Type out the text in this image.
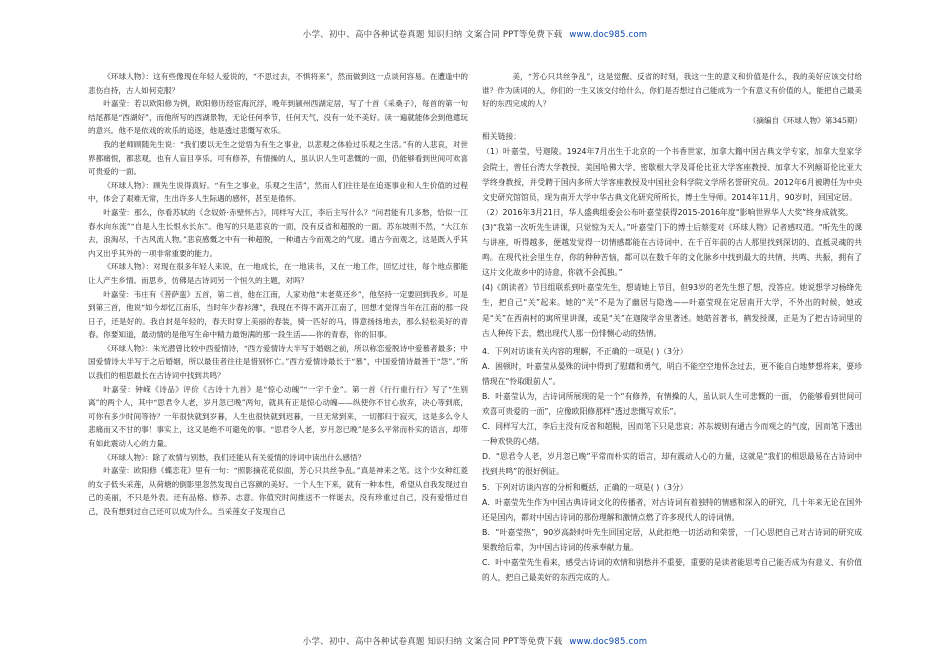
小学、初中、高中各种试卷真题 知识归纳 文案合同 PPT等免费下载 www.doc985.com

《环球人物》：这有些像现在年轻人爱说的，“不思过去，不惧将来”，然而做到这一点谈何容易。在遭逢中的悲伤自持，古人如何克服？

叶嘉莹：若以欧阳修为例，欧阳修历经宦海沉浮，晚年到颍州西湖定居，写了十首《采桑子》，每首的第一句结尾都是“西湖好”，而他所写的西湖景物，无论任何季节，任何天气，没有一处不美好。读一遍就能体会到他遣玩的意兴。他不是依戏的欢乐的追逐，他是透过悲慨写欢乐。

我的老师顾随先生说：“我们要以无生之觉悟为有生之事业，以悲观之体验过乐观之生活。”有的人悲哀，对世界都痛恨，都悲观，也有人盲目享乐。可有修养，有情操的人，虽认识人生可悲慨的一面，仍能够看到世间可欢喜可贵爱的一面。

《环球人物》：顾先生说得真好。“有生之事业，乐观之生活”，然而人们往往是在追逐事业和人生价值的过程中，体会了艰难无常，生出许多人生际遇的感怀，甚至是倦怀。

叶嘉莹：那么，你看苏轼的《念奴娇·赤壁怀古》，同样写大江，李后主写什么？“问君能有几多愁，恰似一江春水向东流”“自是人生长恨水长东”。他写的只是悲哀的一面，没有反省和超脱的一面。苏东坡则不然，“大江东去，浪淘尽，千古风流人物。”悲哀感慨之中有一种超脱，一种通古今而观之的气度。通古今而观之，这是既入乎其内又出乎其外的一项非常重要的能力。

《环球人物》：对现在很多年轻人来说，在一地成长，在一地读书，又在一地工作，回忆过往，每个地点都能让人产生乡情。而思乡，仿佛是古诗词另一个恒久的主题，对吗？

叶嘉莹：韦庄有《菩萨蛮》五首，第二首，他在江南，人家劝他“未老莫还乡”，他坚持一定要回到我乡。可是到第三首，他说“如今却忆江南乐，当时年少春衫薄”，我现在不得不离开江南了，回想才觉得当年在江南的那一段日子，还是好的。我自封是年轻的，春天时穿上美丽的春装，骑一匹好的马，得意扬扬地去，那么轻松美好的青春。你要知道，最动情的是他写生命中精力最饱满的那一段生活——你的青春，你的旧事。

《环球人物》：朱光潜曾比较中西爱情诗，“西方爱情诗大半写于婚姻之前，所以称恋爱脱诗中爱慕者最多；中国爱情诗大半写于之后婚姻，所以最佳者往往是惜别怀亡。”西方爱情诗最长于“慕”，中国爱情诗最善于“怨”。”所以我们的相思最长在古诗词中找到共鸣？

叶嘉莹：钟嵘《诗品》评价《古诗十九首》是“惊心动魄”“一字千金”。第一首《行行重行行》写了“生别离”的两个人，其中“思君令人老，岁月忽已晚”两句，就具有正是惊心动魄——纵使你不甘心放弃，决心等到底，可你有多少时间等待？一年很快就到岁暮，人生也很快就到迟暮，一旦无常到来，一切都归于寂灭，这是多么令人悲痛而又不甘的事！事实上，这又是绝不可避免的事。“思君令人老，岁月忽已晚”是多么平常而朴实的语言，却带有如此震动人心的力量。

《环球人物》：除了欢情与别愁，我们还能从有关爱情的诗词中读出什么感悟？

叶嘉莹：欧阳修《蝶恋花》里有一句：“照影摘花花似面，芳心只共丝争乱。”真是神来之笔。这个少女种红菱的女子低头采莲，从荷塘的倒影里忽然发现自己容颜的美好。一个人生下来，就有一种本性，希望从自我发现过自己的美丽，不只是外表。还有品格、修养、志意。你值究时间推送不一样诞去，没有珍重过自己，没有爱惜过自己，没有想到过自己还可以成为什么。当采莲女子发现自己

美，“芳心只共丝争乱”，这是觉醒、反省的时刻，我这一生的意义和价值是什么，我的美好应该交付给谁？作为读词的人，你们的一生又该交付给什么，你们是否想过自己能成为一个有意义有价值的人，能把自己最美好的东西完成的人？

（摘编自《环球人物》第345期）

相关链接：

（1）叶嘉莹，号迦陵。1924年7月出生于北京的一个书香世家，加拿大籍中国古典文学专家，加拿大皇家学会院士，曾任台湾大学教授、美国哈佛大学、密歇根大学及哥伦比亚大学客座教授、加拿大不列颠哥伦比亚大学终身教授，并受聘于国内多所大学客座教授及中国社会科学院文学所名誉研究员。2012年6月被聘任为中央文史研究馆馆员，现为南开大学中华古典文化研究所所长，博士生导师。2014年11月，90岁时，回国定居。

（2）2016年3月21日，华人盛典组委会公布叶嘉莹获得2015-2016年度“影响世界华人大奖”终身成就奖。

(3)“我第一次听先生讲课，只觉惊为天人。”叶嘉莹门下的博士后蔡雯对《环球人物》记者感叹道。“听先生的课与讲座，听得越多，便越发觉得一切情感都能在古诗词中、在千百年前的古人那里找到深切的、直抵灵魂的共鸣。在现代社会里生存，你的种种苦恼，都可以在数千年的文化脉乡中找到最大的共情、共鸣、共振，拥有了这片文化故乡中的诗意，你就不会孤独。”

(4)《朗读者》节目组联系到叶嘉莹先生，想请她上节目，但93岁的老先生想了想，没答应。她说想学习杨绛先生，把自己“关”起来。她的“关”不是为了幽居与隐逸——叶嘉莹现在定居南开大学，不外出的时候，她或是“关”在西南村的寓所里讲课，或是“关”在迦陵学舍里著述。她皓首著书，鹤发授课，正是为了把古诗词里的古人种传下去，燃出现代人那一份悱恻心动的热情。

4．下列对访谈有关内容的理解，不正确的一项是( )（3分）

A．困顿时，叶嘉莹从晏殊的词中得到了慰藉和勇气，明白不能空空地怀念过去，更不能自白地梦想将来，要珍惜现在“怜取眼前人”。

B．叶嘉莹认为，古诗词所展现的是一个“有修养，有情操的人，虽认识人生可悲慨的一面， 仍能够看到世间可欢喜可贵爱的一面”，应像欧阳修那样“透过悲慨写欢乐”。

C．同样写大江，李后主没有反省和超脱，因而笔下只是悲哀；苏东坡则有通古今而观之的气度，因而笔下透出一种欢快的心绪。

D．“思君令人老，岁月忽已晚”平常而朴实的语言，却有震动人心的力量，这就是“我们的相思最易在古诗词中找到共鸣”的很好例证。

5．下列对访谈内容的分析和概括，正确的一项是( )（3分）

A．叶嘉莹先生作为中国古典诗词文化的传播者，对古诗词有着独特的情感和深入的研究，几十年来无论在国外还是国内，都对中国古诗词的那份理解和激情点燃了许多现代人的诗词情。

B．“叶嘉莹热”，90岁高龄时叶先生回国定居，从此拒绝一切活动和荣誉，一门心思把自己对古诗词的研究成果教给后辈，为中国古诗词的传承奉献力量。

C．叶中嘉莹先生看来，感受古诗词的欢情和别愁并不重要，重要的是读者能思考自己能否成为有意义、有价值的人，把自己最美好的东西完成的人。

小学、初中、高中各种试卷真题 知识归纳 文案合同 PPT等免费下载 www.doc985.com
